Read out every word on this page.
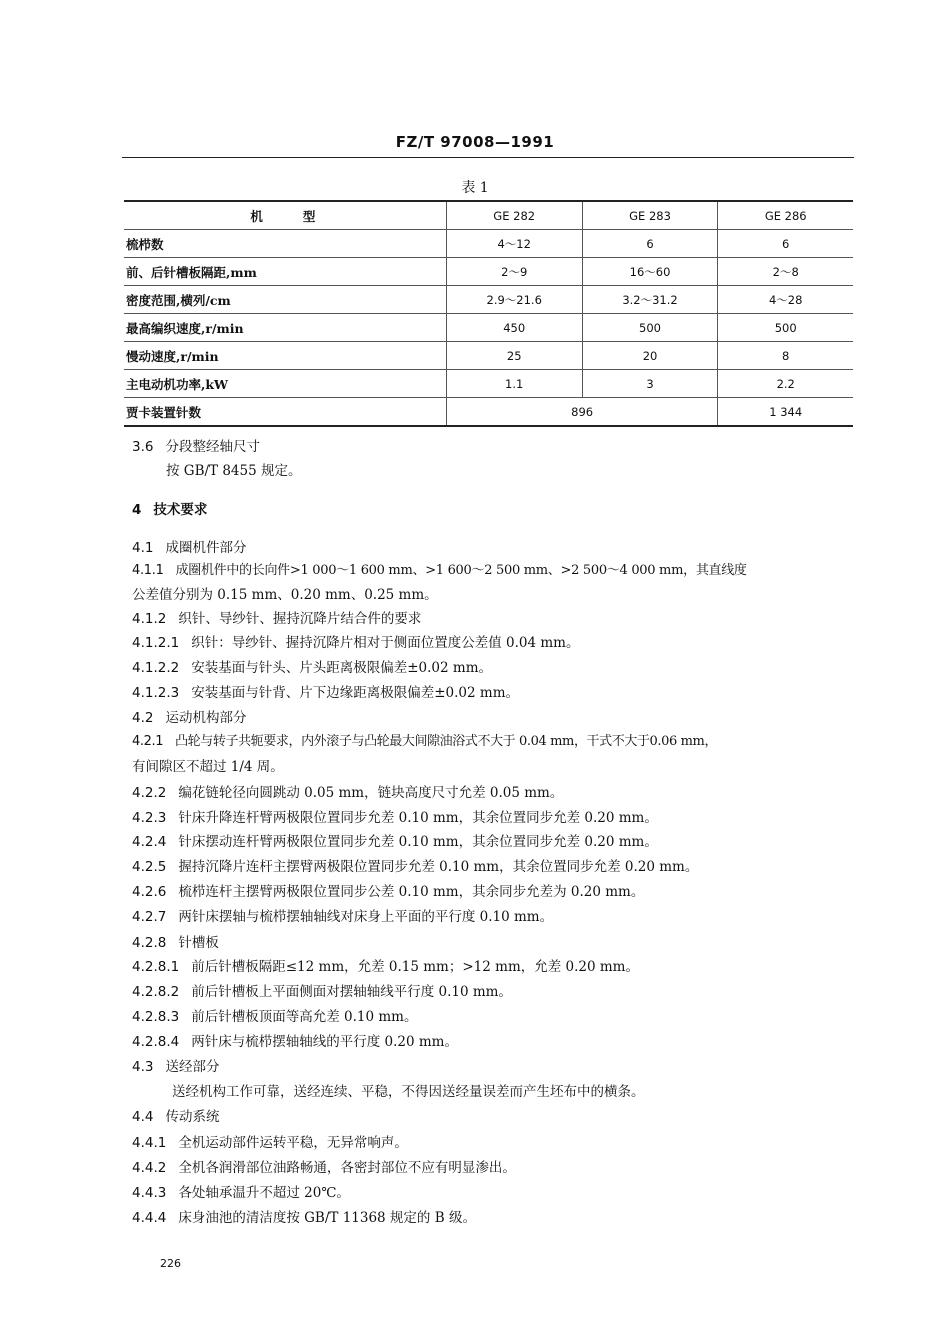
FZ/T 97008—1991
表 1
机型	GE 282	GE 283	GE 286
梳栉数	4～12	6	6
前、后针槽板隔距,mm	2～9	16～60	2～8
密度范围,横列/cm	2.9～21.6	3.2～31.2	4～28
最高编织速度,r/min	450	500	500
慢动速度,r/min	25	20	8
主电动机功率,kW	1.1	3	2.2
贾卡装置针数	896		1 344
3.6 分段整经轴尺寸
按 GB/T 8455 规定。
4 技术要求
4.1 成圈机件部分
4.1.1 成圈机件中的长向件>1 000～1 600 mm、>1 600～2 500 mm、>2 500～4 000 mm，其直线度
公差值分别为 0.15 mm、0.20 mm、0.25 mm。
4.1.2 织针、导纱针、握持沉降片结合件的要求
4.1.2.1 织针：导纱针、握持沉降片相对于侧面位置度公差值 0.04 mm。
4.1.2.2 安装基面与针头、片头距离极限偏差±0.02 mm。
4.1.2.3 安装基面与针背、片下边缘距离极限偏差±0.02 mm。
4.2 运动机构部分
4.2.1 凸轮与转子共轭要求，内外滚子与凸轮最大间隙油浴式不大于 0.04 mm，干式不大于0.06 mm，
有间隙区不超过 1/4 周。
4.2.2 编花链轮径向圆跳动 0.05 mm，链块高度尺寸允差 0.05 mm。
4.2.3 针床升降连杆臂两极限位置同步允差 0.10 mm，其余位置同步允差 0.20 mm。
4.2.4 针床摆动连杆臂两极限位置同步允差 0.10 mm，其余位置同步允差 0.20 mm。
4.2.5 握持沉降片连杆主摆臂两极限位置同步允差 0.10 mm，其余位置同步允差 0.20 mm。
4.2.6 梳栉连杆主摆臂两极限位置同步公差 0.10 mm，其余同步允差为 0.20 mm。
4.2.7 两针床摆轴与梳栉摆轴轴线对床身上平面的平行度 0.10 mm。
4.2.8 针槽板
4.2.8.1 前后针槽板隔距≤12 mm，允差 0.15 mm；>12 mm，允差 0.20 mm。
4.2.8.2 前后针槽板上平面侧面对摆轴轴线平行度 0.10 mm。
4.2.8.3 前后针槽板顶面等高允差 0.10 mm。
4.2.8.4 两针床与梳栉摆轴轴线的平行度 0.20 mm。
4.3 送经部分
送经机构工作可靠，送经连续、平稳，不得因送经量误差而产生坯布中的横条。
4.4 传动系统
4.4.1 全机运动部件运转平稳，无异常响声。
4.4.2 全机各润滑部位油路畅通，各密封部位不应有明显渗出。
4.4.3 各处轴承温升不超过 20℃。
4.4.4 床身油池的清洁度按 GB/T 11368 规定的 B 级。
226
